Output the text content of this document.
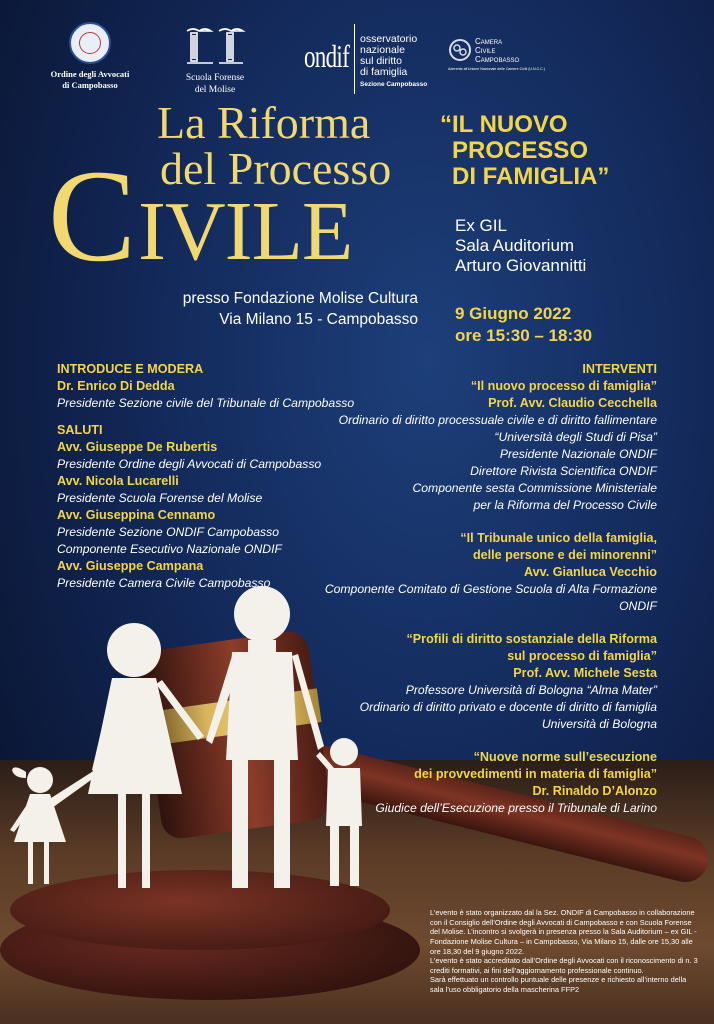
Ordine degli Avvocati
di Campobasso
Scuola Forense
del Molise
ondif osservatorio
nazionale
sul diritto
di famiglia
Sezione Campobasso
Camera
Civile
Campobasso
Aderente all'Unione Nazionale delle Camere Civili (U.N.C.C.)
La Riforma
del Processo
C IVILE
“IL NUOVO
PROCESSO
DI FAMIGLIA”
Ex GIL
Sala Auditorium
Arturo Giovannitti
presso Fondazione Molise Cultura
Via Milano 15 - Campobasso 9 Giugno 2022
ore 15:30 – 18:30
INTRODUCE E MODERA
Dr. Enrico Di Dedda
Presidente Sezione civile del Tribunale di Campobasso
SALUTI
Avv. Giuseppe De Rubertis
Presidente Ordine degli Avvocati di Campobasso
Avv. Nicola Lucarelli
Presidente Scuola Forense del Molise
Avv. Giuseppina Cennamo
Presidente Sezione ONDIF Campobasso
Componente Esecutivo Nazionale ONDIF
Avv. Giuseppe Campana
Presidente Camera Civile Campobasso
INTERVENTI
“Il nuovo processo di famiglia”
Prof. Avv. Claudio Cecchella
Ordinario di diritto processuale civile e di diritto fallimentare
“Università degli Studi di Pisa”
Presidente Nazionale ONDIF
Direttore Rivista Scientifica ONDIF
Componente sesta Commissione Ministeriale
per la Riforma del Processo Civile
“Il Tribunale unico della famiglia,
delle persone e dei minorenni”
Avv. Gianluca Vecchio
Componente Comitato di Gestione Scuola di Alta Formazione ONDIF
“Profili di diritto sostanziale della Riforma
sul processo di famiglia”
Prof. Avv. Michele Sesta
Professore Università di Bologna “Alma Mater”
Ordinario di diritto privato e docente di diritto di famiglia
Università di Bologna
“Nuove norme sull’esecuzione
dei provvedimenti in materia di famiglia”
Dr. Rinaldo D’Alonzo
Giudice dell’Esecuzione presso il Tribunale di Larino
L’evento è stato organizzato dal la Sez. ONDIF di Campobasso in collaborazione con il Consiglio dell’Ordine degli Avvocati di Campobasso e con Scuola Forense del Molise. L’incontro si svolgerà in presenza presso la Sala Auditorium – ex GIL - Fondazione Molise Cultura – in Campobasso, Via Milano 15, dalle ore 15,30 alle ore 18,30 del 9 giugno 2022.
L’evento è stato accreditato dall’Ordine degli Avvocati con il riconoscimento di n. 3 crediti formativi, ai fini dell’aggiornamento professionale continuo.
Sarà effettuato un controllo puntuale delle presenze e richiesto all’interno della sala l’uso obbligatorio della mascherina FFP2
